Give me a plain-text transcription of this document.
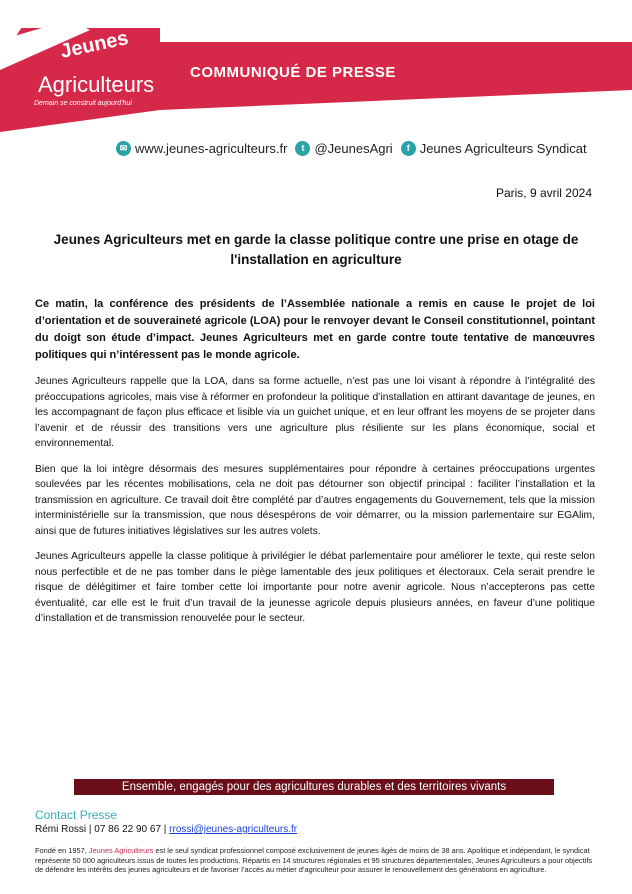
Jeunes
Agriculteurs
Demain se construit aujourd'hui
COMMUNIQUÉ DE PRESSE
✉ www.jeunes-agriculteurs.fr	t @JeunesAgri	f Jeunes Agriculteurs Syndicat
Paris, 9 avril 2024
Jeunes Agriculteurs met en garde la classe politique contre une prise en otage de l'installation en agriculture

Ce matin, la conférence des présidents de l’Assemblée nationale a remis en cause le projet de loi d’orientation et de souveraineté agricole (LOA) pour le renvoyer devant le Conseil constitutionnel, pointant du doigt son étude d’impact. Jeunes Agriculteurs met en garde contre toute tentative de manœuvres politiques qui n’intéressent pas le monde agricole.

Jeunes Agriculteurs rappelle que la LOA, dans sa forme actuelle, n’est pas une loi visant à répondre à l’intégralité des préoccupations agricoles, mais vise à réformer en profondeur la politique d’installation en attirant davantage de jeunes, en les accompagnant de façon plus efficace et lisible via un guichet unique, et en leur offrant les moyens de se projeter dans l’avenir et de réussir des transitions vers une agriculture plus résiliente sur les plans économique, social et environnemental.

Bien que la loi intègre désormais des mesures supplémentaires pour répondre à certaines préoccupations urgentes soulevées par les récentes mobilisations, cela ne doit pas détourner son objectif principal : faciliter l’installation et la transmission en agriculture. Ce travail doit être complété par d’autres engagements du Gouvernement, tels que la mission interministérielle sur la transmission, que nous désespérons de voir démarrer, ou la mission parlementaire sur EGAlim, ainsi que de futures initiatives législatives sur les autres volets.

Jeunes Agriculteurs appelle la classe politique à privilégier le débat parlementaire pour améliorer le texte, qui reste selon nous perfectible et de ne pas tomber dans le piège lamentable des jeux politiques et électoraux. Cela serait prendre le risque de délégitimer et faire tomber cette loi importante pour notre avenir agricole. Nous n’accepterons pas cette éventualité, car elle est le fruit d’un travail de la jeunesse agricole depuis plusieurs années, en faveur d’une politique d’installation et de transmission renouvelée pour le secteur.

Ensemble, engagés pour des agricultures durables et des territoires vivants
Contact Presse
Rémi Rossi | 07 86 22 90 67 | rrossi@jeunes-agriculteurs.fr
Fondé en 1957, Jeunes Agriculteurs est le seul syndicat professionnel composé exclusivement de jeunes âgés de moins de 38 ans. Apolitique et indépendant, le syndicat représente 50 000 agriculteurs issus de toutes les productions. Répartis en 14 structures régionales et 95 structures départementales, Jeunes Agriculteurs a pour objectifs de défendre les intérêts des jeunes agriculteurs et de favoriser l’accès au métier d’agriculteur pour assurer le renouvellement des générations en agriculture.
